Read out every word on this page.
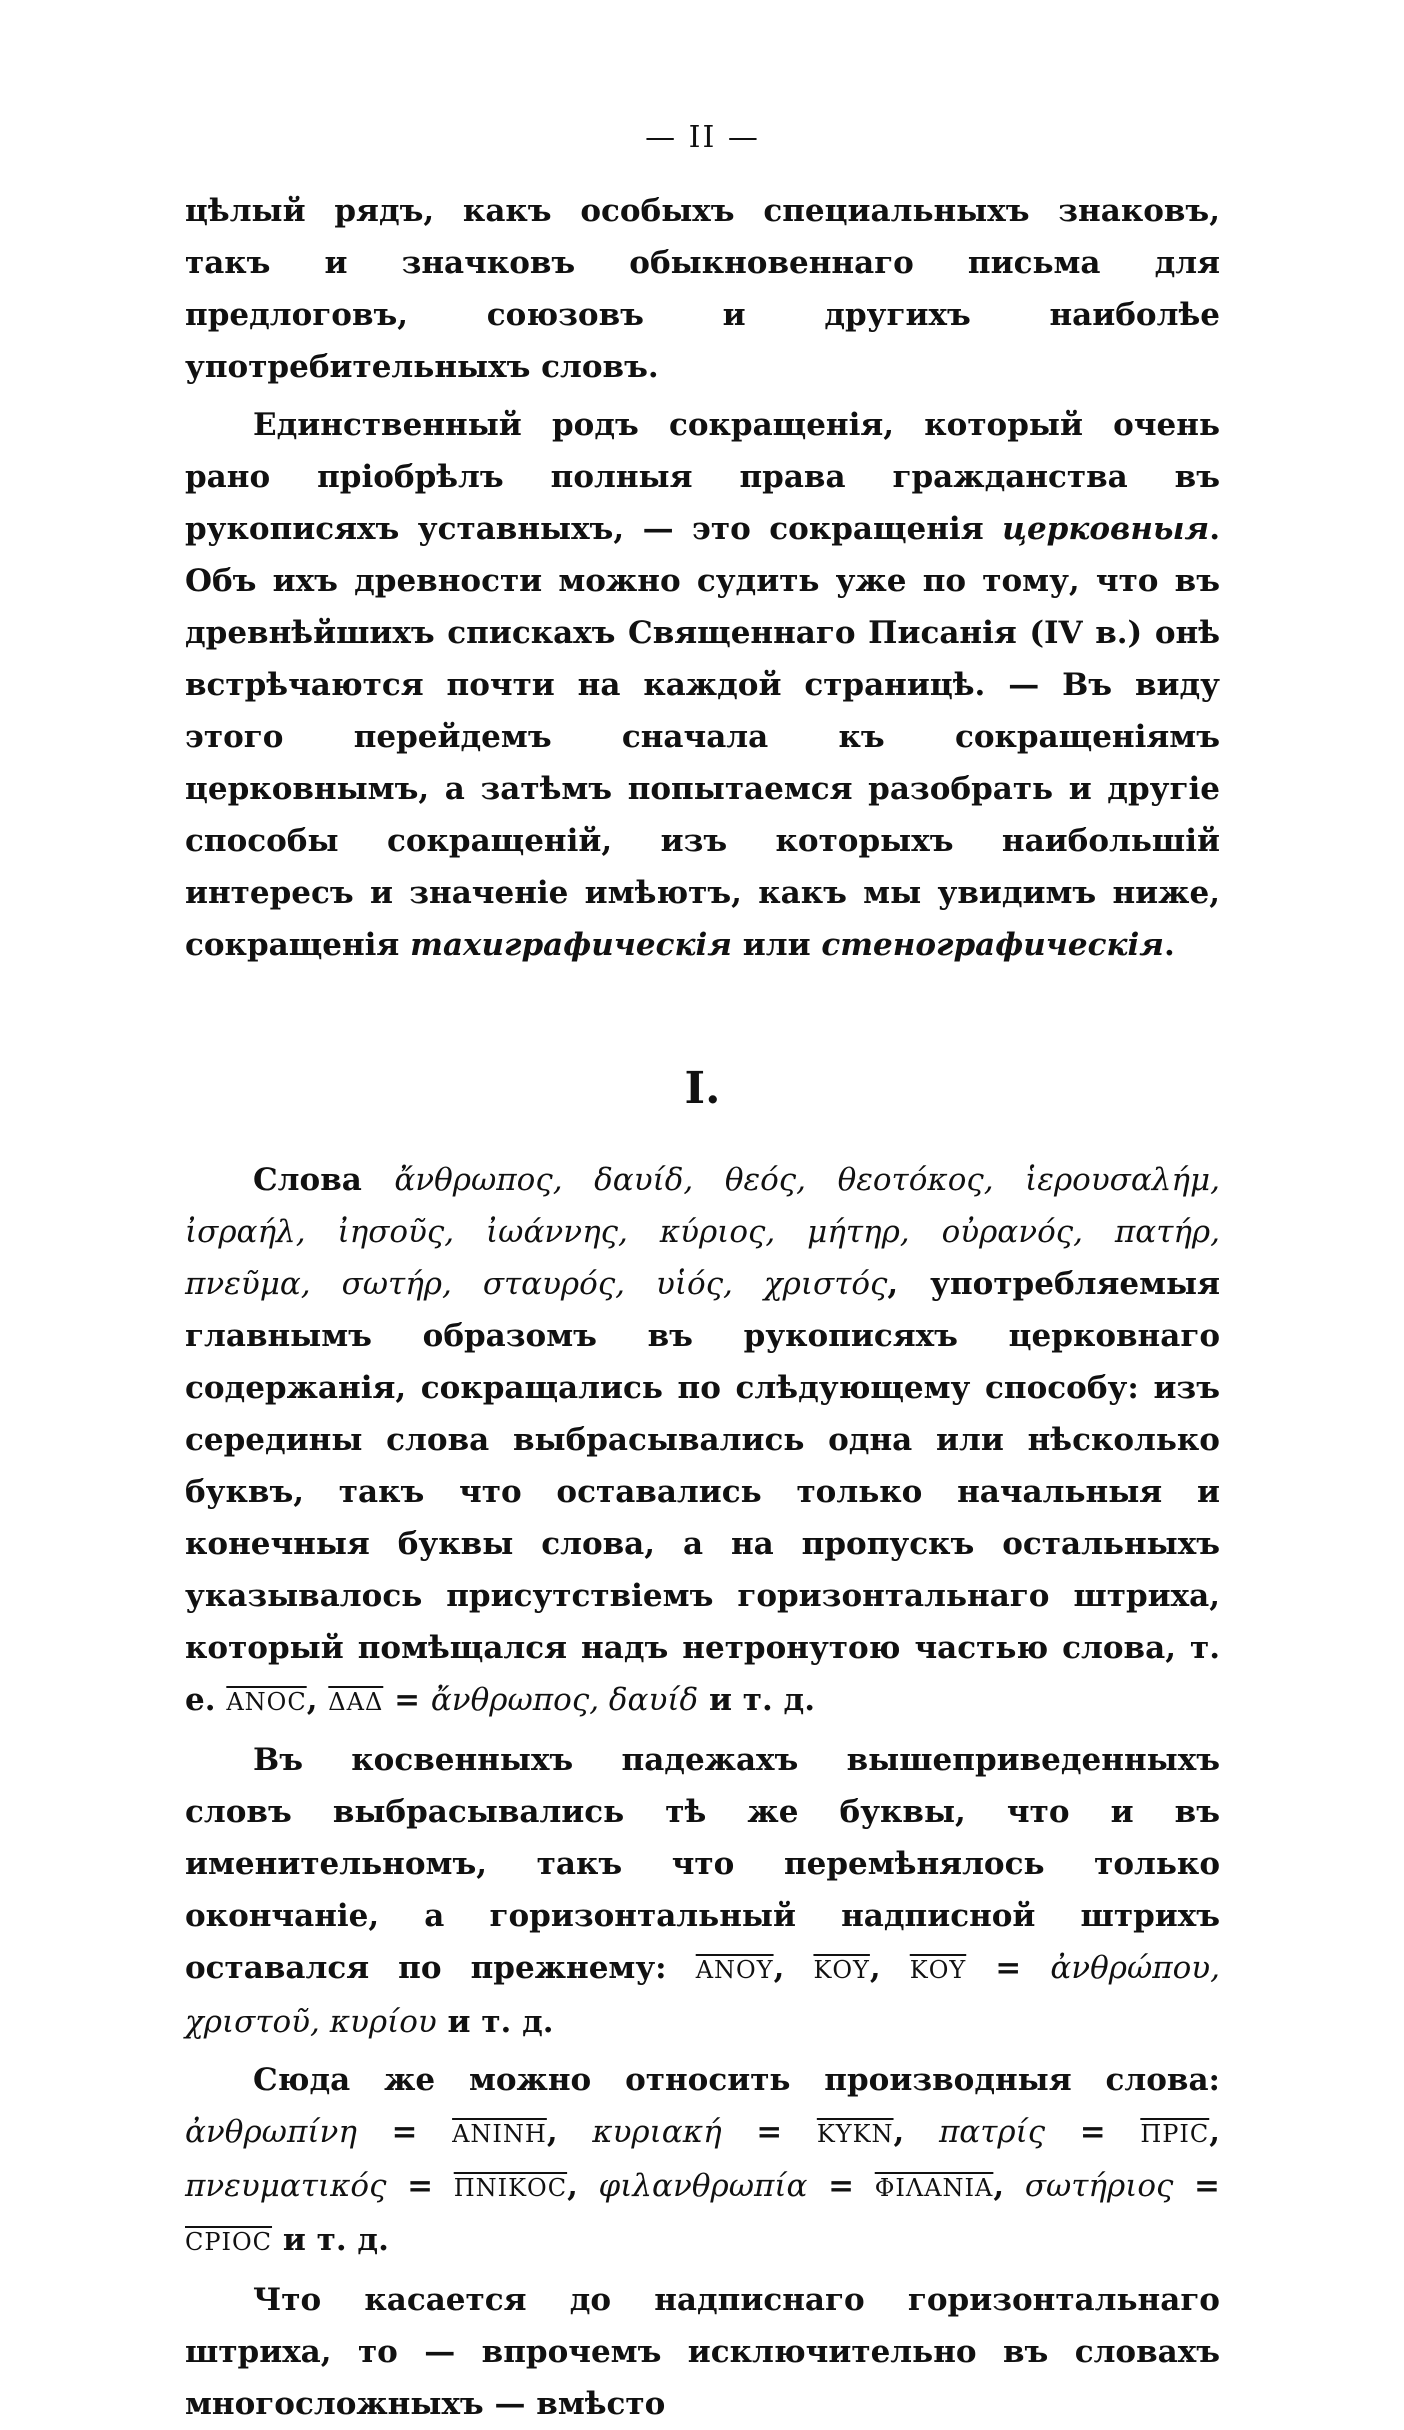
— II —

цѣлый рядъ, какъ особыхъ специальныхъ знаковъ, такъ и значковъ обыкновеннаго письма для предлоговъ, союзовъ и другихъ наиболѣе употребительныхъ словъ.

Единственный родъ сокращенія, который очень рано пріобрѣлъ полныя права гражданства въ рукописяхъ уставныхъ, — это сокращенія церковныя. Объ ихъ древности можно судить уже по тому, что въ древнѣйшихъ спискахъ Священнаго Писанія (IV в.) онѣ встрѣчаются почти на каждой страницѣ. — Въ виду этого перейдемъ сначала къ сокращеніямъ церковнымъ, а затѣмъ попытаемся разобрать и другіе способы сокращеній, изъ которыхъ наибольшій интересъ и значеніе имѣютъ, какъ мы увидимъ ниже, сокращенія тахиграфическія или стенографическія.

I.

Слова ἄνθρωπος, δαυίδ, θεός, θεοτόκος, ἱερουσαλήμ, ἰσραήλ, ἰησοῦς, ἰωάννης, κύριος, μήτηρ, οὐρανός, πατήρ, πνεῦμα, σωτήρ, σταυρός, υἱός, χριστός, употребляемыя главнымъ образомъ въ рукописяхъ церковнаго содержанія, сокращались по слѣдующему способу: изъ середины слова выбрасывались одна или нѣсколько буквъ, такъ что оставались только начальныя и конечныя буквы слова, а на пропускъ остальныхъ указывалось присутствіемъ горизонтальнаго штриха, который помѣщался надъ нетронутою частью слова, т. е. ΑΝΟϹ, $\overline{\Delta A\Delta}$ = ἄνθρωπος, δαυίδ и т. д.

Въ косвенныхъ падежахъ вышеприведенныхъ словъ выбрасывались тѣ же буквы, что и въ именительномъ, такъ что перемѣнялось только окончаніе, а горизонтальный надписной штрихъ оставался по прежнему: ΑΝΟΥ, $\overline{KO\Upsilon}$, $\overline{KO\Upsilon}$ = ἀνθρώπου, χριστοῦ, κυρίου и т. д.

Сюда же можно относить производныя слова: ἀνθρωπίνη = ΑΝΙΝΗ, κυριακή = ΚΥΚΝ, πατρίς = ΠΡΙϹ, πνευματικός = ΠΝΙΚΟϹ, φιλανθρωπία = ΦΙΛΑΝΙΑ, σωτήριος = ϹΡΙΟϹ и т. д.

Что касается до надписнаго горизонтальнаго штриха, то — впрочемъ исключительно въ словахъ многосложныхъ — вмѣсто
